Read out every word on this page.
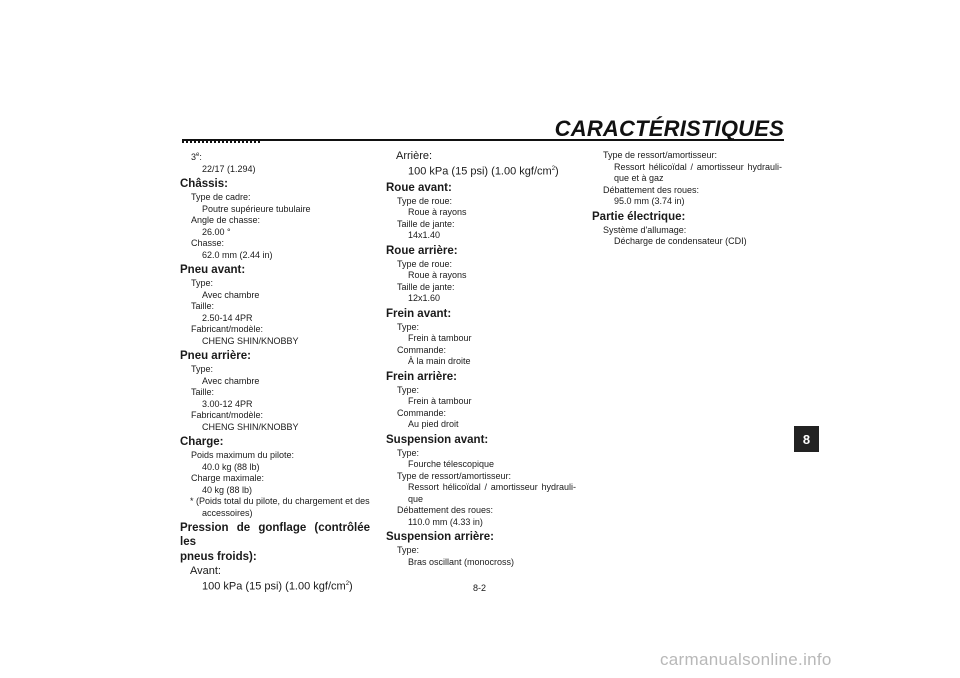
CARACTÉRISTIQUES
3e:
22/17 (1.294)
Châssis:
Type de cadre:
Poutre supérieure tubulaire
Angle de chasse:
26.00 °
Chasse:
62.0 mm (2.44 in)
Pneu avant:
Type:
Avec chambre
Taille:
2.50-14 4PR
Fabricant/modèle:
CHENG SHIN/KNOBBY
Pneu arrière:
Type:
Avec chambre
Taille:
3.00-12 4PR
Fabricant/modèle:
CHENG SHIN/KNOBBY
Charge:
Poids maximum du pilote:
40.0 kg (88 lb)
Charge maximale:
40 kg (88 lb)
* (Poids total du pilote, du chargement et des
accessoires)
Pression de gonflage (contrôlée les
pneus froids):
Avant:
100 kPa (15 psi) (1.00 kgf/$cm^2$)
Arrière:
100 kPa (15 psi) (1.00 kgf/$cm^2$)
Roue avant:
Type de roue:
Roue à rayons
Taille de jante:
14x1.40
Roue arrière:
Type de roue:
Roue à rayons
Taille de jante:
12x1.60
Frein avant:
Type:
Frein à tambour
Commande:
À la main droite
Frein arrière:
Type:
Frein à tambour
Commande:
Au pied droit
Suspension avant:
Type:
Fourche télescopique
Type de ressort/amortisseur:
Ressort hélicoïdal / amortisseur hydrauli-
que
Débattement des roues:
110.0 mm (4.33 in)
Suspension arrière:
Type:
Bras oscillant (monocross)
Type de ressort/amortisseur:
Ressort hélicoïdal / amortisseur hydrauli-
que et à gaz
Débattement des roues:
95.0 mm (3.74 in)
Partie électrique:
Système d'allumage:
Décharge de condensateur (CDI)
8
8-2
carmanualsonline.info
